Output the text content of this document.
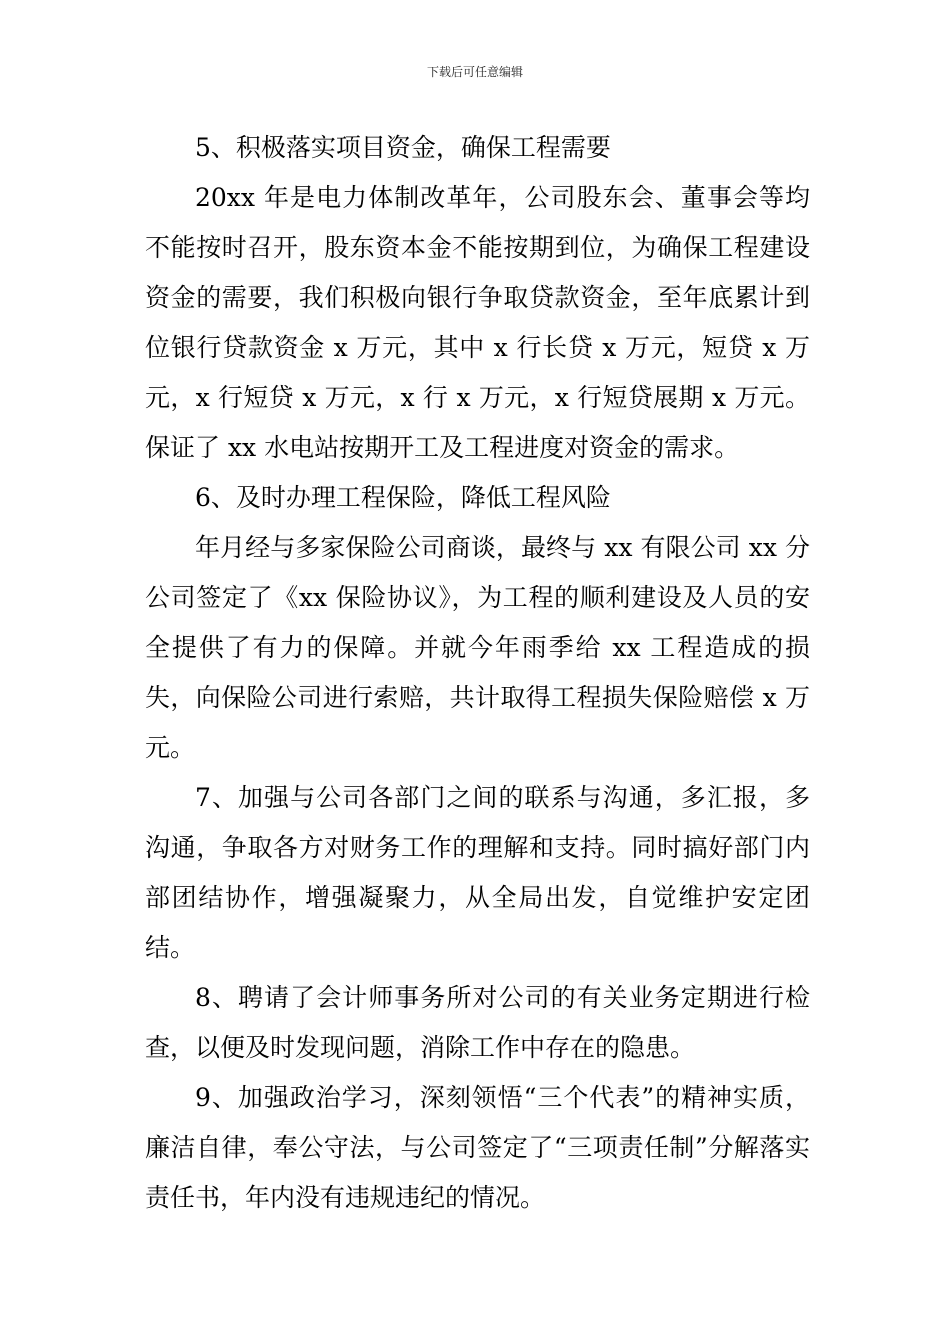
下载后可任意编辑

5、积极落实项目资金，确保工程需要

20xx 年是电力体制改革年，公司股东会、董事会等均不能按时召开，股东资本金不能按期到位，为确保工程建设资金的需要，我们积极向银行争取贷款资金，至年底累计到位银行贷款资金 x 万元，其中 x 行长贷 x 万元，短贷 x 万元，x 行短贷 x 万元，x 行 x 万元，x 行短贷展期 x 万元。保证了 xx 水电站按期开工及工程进度对资金的需求。

6、及时办理工程保险，降低工程风险

年月经与多家保险公司商谈，最终与 xx 有限公司 xx 分公司签定了《xx 保险协议》，为工程的顺利建设及人员的安全提供了有力的保障。并就今年雨季给 xx 工程造成的损失，向保险公司进行索赔，共计取得工程损失保险赔偿 x 万元。

7、加强与公司各部门之间的联系与沟通，多汇报，多沟通，争取各方对财务工作的理解和支持。同时搞好部门内部团结协作，增强凝聚力，从全局出发，自觉维护安定团结。

8、聘请了会计师事务所对公司的有关业务定期进行检查，以便及时发现问题，消除工作中存在的隐患。

9、加强政治学习，深刻领悟“三个代表”的精神实质，廉洁自律，奉公守法，与公司签定了“三项责任制”分解落实责任书，年内没有违规违纪的情况。
